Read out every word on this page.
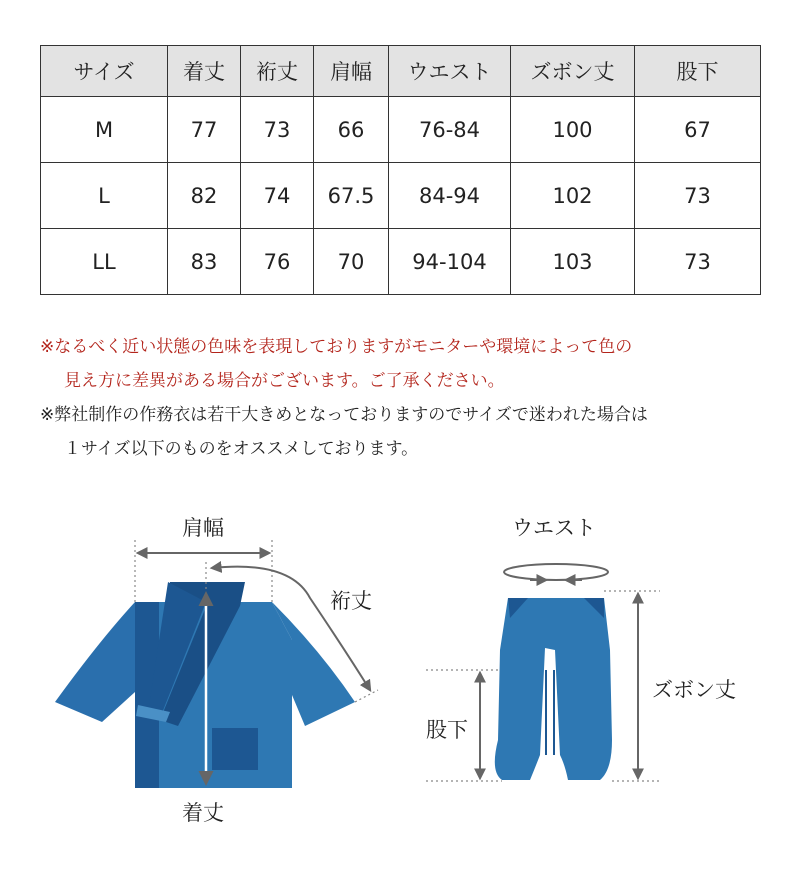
サイズ	着丈	裄丈	肩幅	ウエスト	ズボン丈	股下
M	77	73	66	76-84	100	67
L	82	74	67.5	84-94	102	73
LL	83	76	70	94-104	103	73
※なるべく近い状態の色味を表現しておりますがモニターや環境によって色の
見え方に差異がある場合がございます。ご了承ください。
※弊社制作の作務衣は若干大きめとなっておりますのでサイズで迷われた場合は
１サイズ以下のものをオススメしております。
肩幅
裄丈
着丈
ウエスト
ズボン丈
股下
